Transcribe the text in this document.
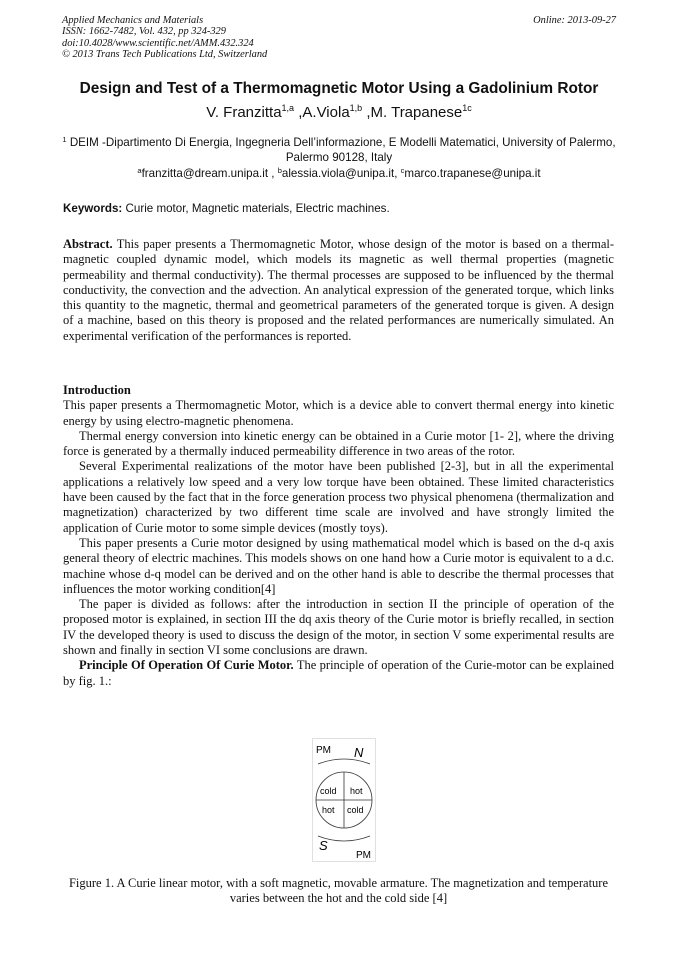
Applied Mechanics and Materials
ISSN: 1662-7482, Vol. 432, pp 324-329
doi:10.4028/www.scientific.net/AMM.432.324
© 2013 Trans Tech Publications Ltd, Switzerland
Online: 2013-09-27
Design and Test of a Thermomagnetic Motor Using a Gadolinium Rotor
V. Franzitta$^{1,a}$ ,A.Viola$^{1,b}$ ,M. Trapanese$^{1c}$
$^1$ DEIM -Dipartimento Di Energia, Ingegneria Dell’informazione, E Modelli Matematici, University of Palermo, Palermo 90128, Italy
$^a$franzitta@dream.unipa.it , $^b$alessia.viola@unipa.it, $^c$marco.trapanese@unipa.it
Keywords: Curie motor, Magnetic materials, Electric machines.

Abstract. This paper presents a Thermomagnetic Motor, whose design of the motor is based on a thermal-magnetic coupled dynamic model, which models its magnetic as well thermal properties (magnetic permeability and thermal conductivity). The thermal processes are supposed to be influenced by the thermal conductivity, the convection and the advection. An analytical expression of the generated torque, which links this quantity to the magnetic, thermal and geometrical parameters of the generated torque is given. A design of a machine, based on this theory is proposed and the related performances are numerically simulated. An experimental verification of the performances is reported.

Introduction

This paper presents a Thermomagnetic Motor, which is a device able to convert thermal energy into kinetic energy by using electro-magnetic phenomena.

Thermal energy conversion into kinetic energy can be obtained in a Curie motor [1- 2], where the driving force is generated by a thermally induced permeability difference in two areas of the rotor.

Several Experimental realizations of the motor have been published [2-3], but in all the experimental applications a relatively low speed and a very low torque have been obtained. These limited characteristics have been caused by the fact that in the force generation process two physical phenomena (thermalization and magnetization) characterized by two different time scale are involved and have strongly limited the application of Curie motor to some simple devices (mostly toys).

This paper presents a Curie motor designed by using mathematical model which is based on the d-q axis general theory of electric machines. This models shows on one hand how a Curie motor is equivalent to a d.c. machine whose d-q model can be derived and on the other hand is able to describe the thermal processes that influences the motor working condition[4]

The paper is divided as follows: after the introduction in section II the principle of operation of the proposed motor is explained, in section III the dq axis theory of the Curie motor is briefly recalled, in section IV the developed theory is used to discuss the design of the motor, in section V some experimental results are shown and finally in section VI some conclusions are drawn.

Principle Of Operation Of Curie Motor. The principle of operation of the Curie-motor can be explained by fig. 1.:

PM N
cold hot
hot cold
S
PM
Figure 1. A Curie linear motor, with a soft magnetic, movable armature. The magnetization and temperature varies between the hot and the cold side [4]
